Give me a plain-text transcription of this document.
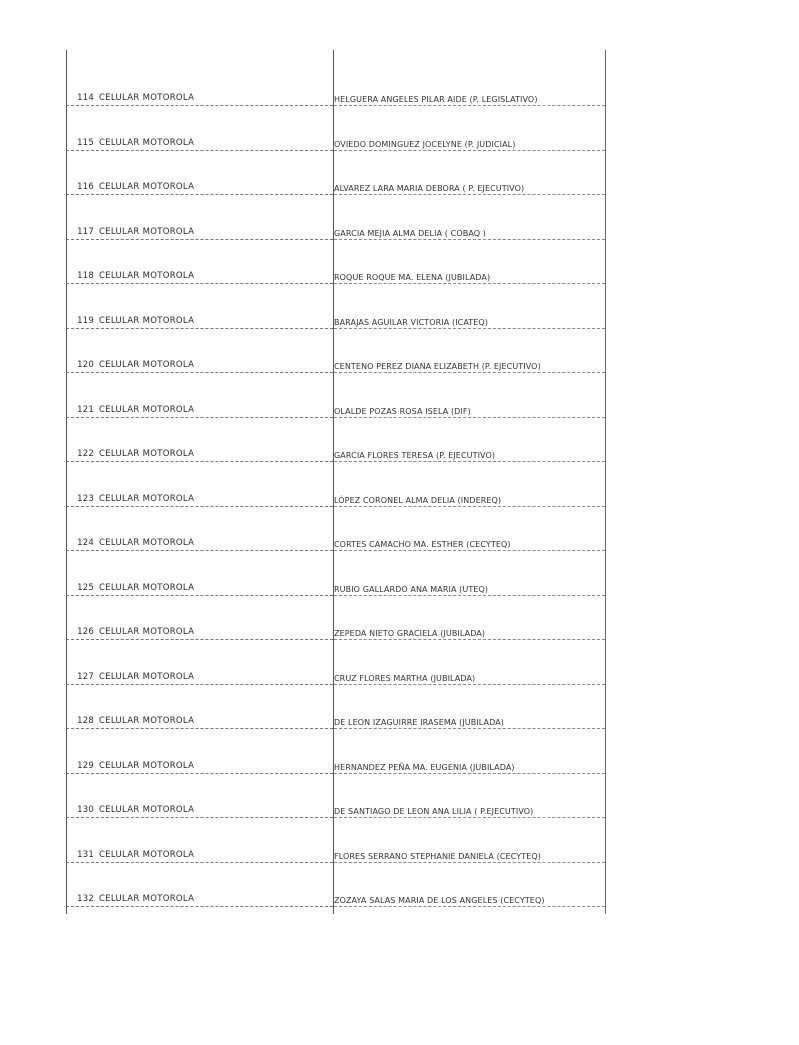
114 CELULAR MOTOROLA	HELGUERA ANGELES PILAR AIDE (P. LEGISLATIVO)
115 CELULAR MOTOROLA	OVIEDO DOMINGUEZ JOCELYNE (P. JUDICIAL)
116 CELULAR MOTOROLA	ALVAREZ LARA MARIA DEBORA ( P. EJECUTIVO)
117 CELULAR MOTOROLA	GARCIA MEJIA ALMA DELIA ( COBAQ )
118 CELULAR MOTOROLA	ROQUE ROQUE MA. ELENA (JUBILADA)
119 CELULAR MOTOROLA	BARAJAS AGUILAR VICTORIA (ICATEQ)
120 CELULAR MOTOROLA	CENTENO PEREZ DIANA ELIZABETH (P. EJECUTIVO)
121 CELULAR MOTOROLA	OLALDE POZAS ROSA ISELA (DIF)
122 CELULAR MOTOROLA	GARCIA FLORES TERESA (P. EJECUTIVO)
123 CELULAR MOTOROLA	LÓPEZ CORONEL ALMA DELIA (INDEREQ)
124 CELULAR MOTOROLA	CORTES CAMACHO MA. ESTHER (CECYTEQ)
125 CELULAR MOTOROLA	RUBIO GALLARDO ANA MARIA (UTEQ)
126 CELULAR MOTOROLA	ZEPEDA NIETO GRACIELA (JUBILADA)
127 CELULAR MOTOROLA	CRUZ FLORES MARTHA (JUBILADA)
128 CELULAR MOTOROLA	DE LEON IZAGUIRRE IRASEMA (JUBILADA)
129 CELULAR MOTOROLA	HERNANDEZ PEÑA MA. EUGENIA (JUBILADA)
130 CELULAR MOTOROLA	DE SANTIAGO DE LEON ANA LILIA ( P.EJECUTIVO)
131 CELULAR MOTOROLA	FLORES SERRANO STEPHANIE DANIELA (CECYTEQ)
132 CELULAR MOTOROLA	ZOZAYA SALAS MARIA DE LOS ANGELES (CECYTEQ)
